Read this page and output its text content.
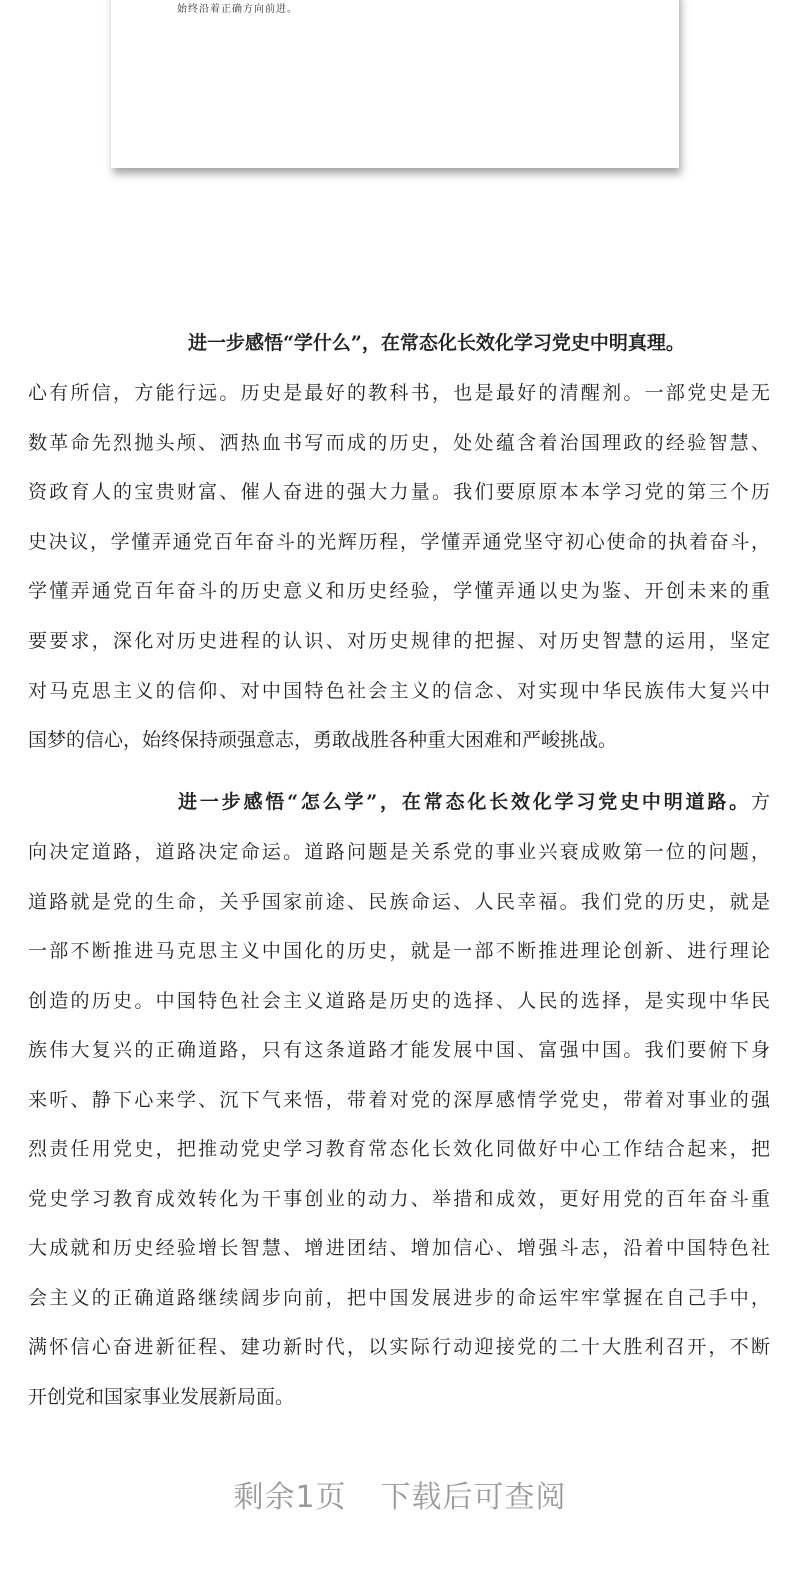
始终沿着正确方向前进。
进一步感悟“学什么”，在常态化长效化学习党史中明真理。
心有所信，方能行远。历史是最好的教科书，也是最好的清醒剂。一部党史是无
数革命先烈抛头颅、洒热血书写而成的历史，处处蕴含着治国理政的经验智慧、
资政育人的宝贵财富、催人奋进的强大力量。我们要原原本本学习党的第三个历
史决议，学懂弄通党百年奋斗的光辉历程，学懂弄通党坚守初心使命的执着奋斗，
学懂弄通党百年奋斗的历史意义和历史经验，学懂弄通以史为鉴、开创未来的重
要要求，深化对历史进程的认识、对历史规律的把握、对历史智慧的运用，坚定
对马克思主义的信仰、对中国特色社会主义的信念、对实现中华民族伟大复兴中
国梦的信心，始终保持顽强意志，勇敢战胜各种重大困难和严峻挑战。
进一步感悟“怎么学”，在常态化长效化学习党史中明道路。方
向决定道路，道路决定命运。道路问题是关系党的事业兴衰成败第一位的问题，
道路就是党的生命，关乎国家前途、民族命运、人民幸福。我们党的历史，就是
一部不断推进马克思主义中国化的历史，就是一部不断推进理论创新、进行理论
创造的历史。中国特色社会主义道路是历史的选择、人民的选择，是实现中华民
族伟大复兴的正确道路，只有这条道路才能发展中国、富强中国。我们要俯下身
来听、静下心来学、沉下气来悟，带着对党的深厚感情学党史，带着对事业的强
烈责任用党史，把推动党史学习教育常态化长效化同做好中心工作结合起来，把
党史学习教育成效转化为干事创业的动力、举措和成效，更好用党的百年奋斗重
大成就和历史经验增长智慧、增进团结、增加信心、增强斗志，沿着中国特色社
会主义的正确道路继续阔步向前，把中国发展进步的命运牢牢掌握在自己手中，
满怀信心奋进新征程、建功新时代，以实际行动迎接党的二十大胜利召开，不断
开创党和国家事业发展新局面。
剩余1页 下载后可查阅
